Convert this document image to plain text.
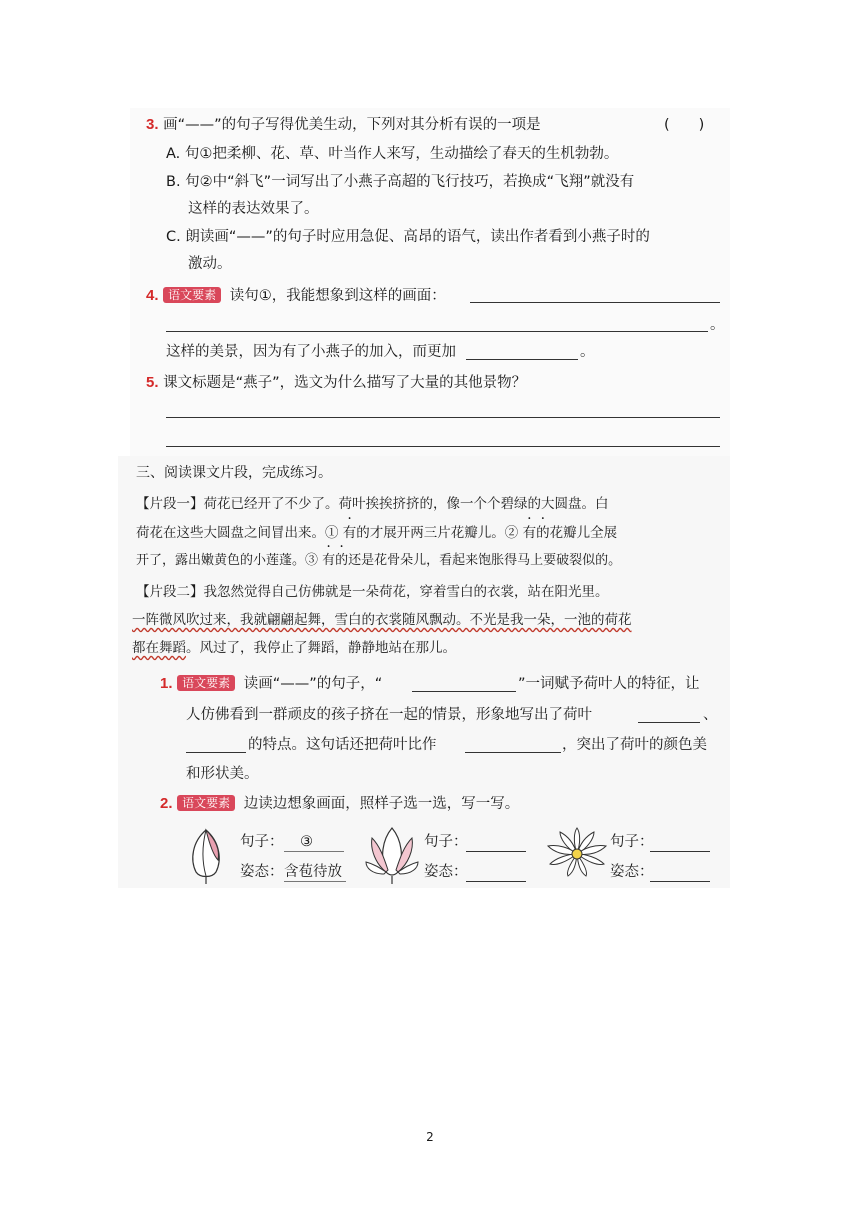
3. 画“——”的句子写得优美生动，下列对其分析有误的一项是	(　　)
A. 句①把柔柳、花、草、叶当作人来写，生动描绘了春天的生机勃勃。
B. 句②中“斜飞”一词写出了小燕子高超的飞行技巧，若换成“飞翔”就没有
这样的表达效果了。
C. 朗读画“——”的句子时应用急促、高昂的语气，读出作者看到小燕子时的
激动。
4. 语文要素 读句①，我能想象到这样的画面：
。
这样的美景，因为有了小燕子的加入，而更加	。
5. 课文标题是“燕子”，选文为什么描写了大量的其他景物？
三、阅读课文片段，完成练习。
【片段一】荷花已经开了不少了。荷叶挨挨挤挤的，像一个个碧绿的大圆盘。白
荷花在这些大圆盘之间冒出来。① 有的才展开两三片花瓣儿。② 有的花瓣儿全展
开了，露出嫩黄色的小莲蓬。③ 有的还是花骨朵儿，看起来饱胀得马上要破裂似的。
【片段二】我忽然觉得自己仿佛就是一朵荷花，穿着雪白的衣裳，站在阳光里。
一阵微风吹过来，我就翩翩起舞，雪白的衣裳随风飘动。不光是我一朵，一池的荷花
都在舞蹈。风过了，我停止了舞蹈，静静地站在那儿。
1. 语文要素 读画“——”的句子，“	”一词赋予荷叶人的特征，让
人仿佛看到一群顽皮的孩子挤在一起的情景，形象地写出了荷叶	、
的特点。这句话还把荷叶比作	，突出了荷叶的颜色美
和形状美。
2. 语文要素 边读边想象画面，照样子选一选，写一写。
句子： ③
姿态： 含苞待放
句子：
姿态：
句子：
姿态：
2
